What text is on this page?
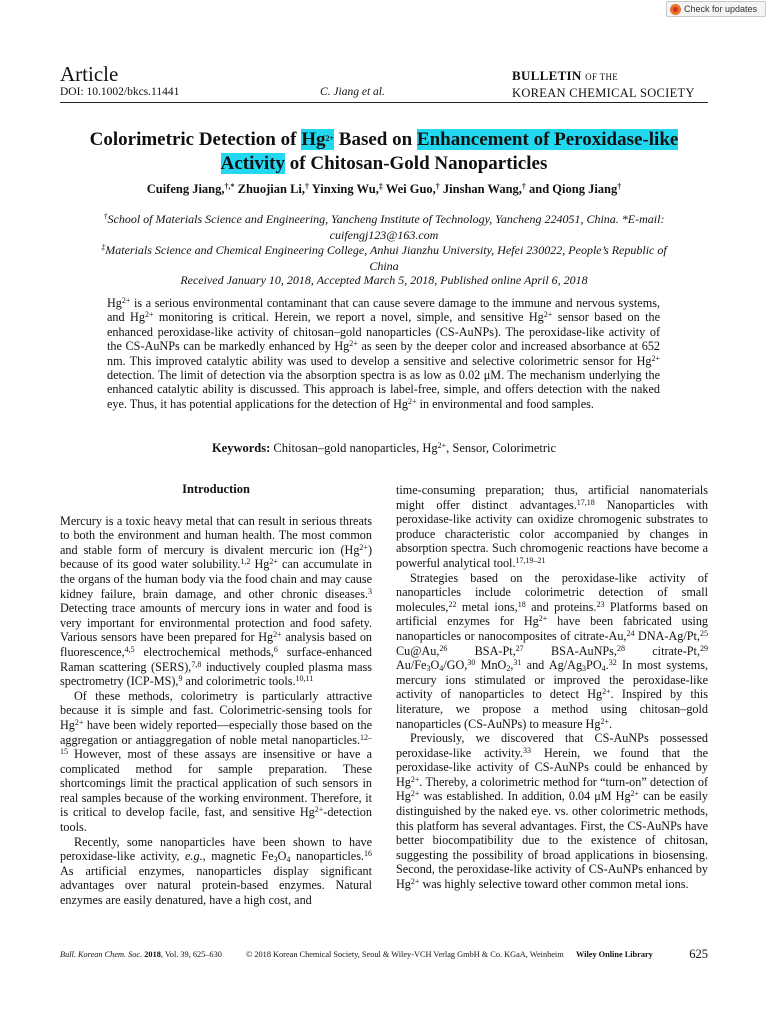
Check for updates
Article
DOI: 10.1002/bkcs.11441	C. Jiang et al.
BULLETIN OF THE
KOREAN CHEMICAL SOCIETY
Colorimetric Detection of $Hg^{2+}$ Based on Enhancement of Peroxidase-like Activity of Chitosan-Gold Nanoparticles
Cuifeng Jiang,†,* Zhuojian Li,† Yinxing Wu,‡ Wei Guo,† Jinshan Wang,† and Qiong Jiang†
†School of Materials Science and Engineering, Yancheng Institute of Technology, Yancheng 224051, China. *E-mail: cuifengj123@163.com
‡Materials Science and Chemical Engineering College, Anhui Jianzhu University, Hefei 230022, People’s Republic of China
Received January 10, 2018, Accepted March 5, 2018, Published online April 6, 2018
$Hg^{2+}$ is a serious environmental contaminant that can cause severe damage to the immune and nervous systems, and $Hg^{2+}$ monitoring is critical. Herein, we report a novel, simple, and sensitive $Hg^{2+}$ sensor based on the enhanced peroxidase-like activity of chitosan–gold nanoparticles (CS-AuNPs). The peroxidase-like activity of the CS-AuNPs can be markedly enhanced by $Hg^{2+}$ as seen by the deeper color and increased absorbance at 652 nm. This improved catalytic ability was used to develop a sensitive and selective colorimetric sensor for $Hg^{2+}$ detection. The limit of detection via the absorption spectra is as low as 0.02 μM. The mechanism underlying the enhanced catalytic ability is discussed. This approach is label-free, simple, and offers detection with the naked eye. Thus, it has potential applications for the detection of $Hg^{2+}$ in environmental and food samples.
Keywords: Chitosan–gold nanoparticles, $Hg^{2+}$, Sensor, Colorimetric
Introduction

Mercury is a toxic heavy metal that can result in serious threats to both the environment and human health. The most common and stable form of mercury is divalent mercuric ion $(Hg^{2+})$ because of its good water solubility.$^{1,2}$ $Hg^{2+}$ can accumulate in the organs of the human body via the food chain and may cause kidney failure, brain damage, and other chronic diseases.$^3$ Detecting trace amounts of mercury ions in water and food is very important for environmental protection and food safety. Various sensors have been prepared for $Hg^{2+}$ analysis based on fluorescence,$^{4,5}$ electrochemical methods,$^6$ surface-enhanced Raman scattering (SERS),$^{7,8}$ inductively coupled plasma mass spectrometry (ICP-MS),$^9$ and colorimetric tools.$^{10,11}$

Of these methods, colorimetry is particularly attractive because it is simple and fast. Colorimetric-sensing tools for $Hg^{2+}$ have been widely reported—especially those based on the aggregation or antiaggregation of noble metal nanoparticles.$^{12-15}$ However, most of these assays are insensitive or have a complicated method for sample preparation. These shortcomings limit the practical application of such sensors in real samples because of the working environment. Therefore, it is critical to develop facile, fast, and sensitive $Hg^{2+}$-detection tools.

Recently, some nanoparticles have been shown to have peroxidase-like activity, e.g., magnetic $Fe_3O_4$ nanoparticles.$^{16}$ As artificial enzymes, nanoparticles display significant advantages over natural protein-based enzymes. Natural enzymes are easily denatured, have a high cost, and

time-consuming preparation; thus, artificial nanomaterials might offer distinct advantages.$^{17,18}$ Nanoparticles with peroxidase-like activity can oxidize chromogenic substrates to produce characteristic color accompanied by changes in absorption spectra. Such chromogenic reactions have become a powerful analytical tool.$^{17,19-21}$

Strategies based on the peroxidase-like activity of nanoparticles include colorimetric detection of small molecules,$^{22}$ metal ions,$^{18}$ and proteins.$^{23}$ Platforms based on artificial enzymes for $Hg^{2+}$ have been fabricated using nanoparticles or nanocomposites of citrate-Au,$^{24}$ DNA-Ag/Pt,$^{25}$ Cu@Au,$^{26}$ BSA-Pt,$^{27}$ BSA-AuNPs,$^{28}$ citrate-Pt,$^{29}$ $Au/Fe_3O_4/GO,^{30}$ MnO$_2$,$^{31}$ and $Ag/Ag_3PO_4.^{32}$ In most systems, mercury ions stimulated or improved the peroxidase-like activity of nanoparticles to detect $Hg^{2+}$. Inspired by this literature, we propose a method using chitosan–gold nanoparticles (CS-AuNPs) to measure $Hg^{2+}$.

Previously, we discovered that CS-AuNPs possessed peroxidase-like activity.$^{33}$ Herein, we found that the peroxidase-like activity of CS-AuNPs could be enhanced by $Hg^{2+}$. Thereby, a colorimetric method for “turn-on” detection of $Hg^{2+}$ was established. In addition, 0.04 μM $Hg^{2+}$ can be easily distinguished by the naked eye. vs. other colorimetric methods, this platform has several advantages. First, the CS-AuNPs have better biocompatibility due to the existence of chitosan, suggesting the possibility of broad applications in biosensing. Second, the peroxidase-like activity of CS-AuNPs enhanced by $Hg^{2+}$ was highly selective toward other common metal ions.

Bull. Korean Chem. Soc. 2018, Vol. 39, 625–630	© 2018 Korean Chemical Society, Seoul & Wiley-VCH Verlag GmbH & Co. KGaA, Weinheim Wiley Online Library	625
